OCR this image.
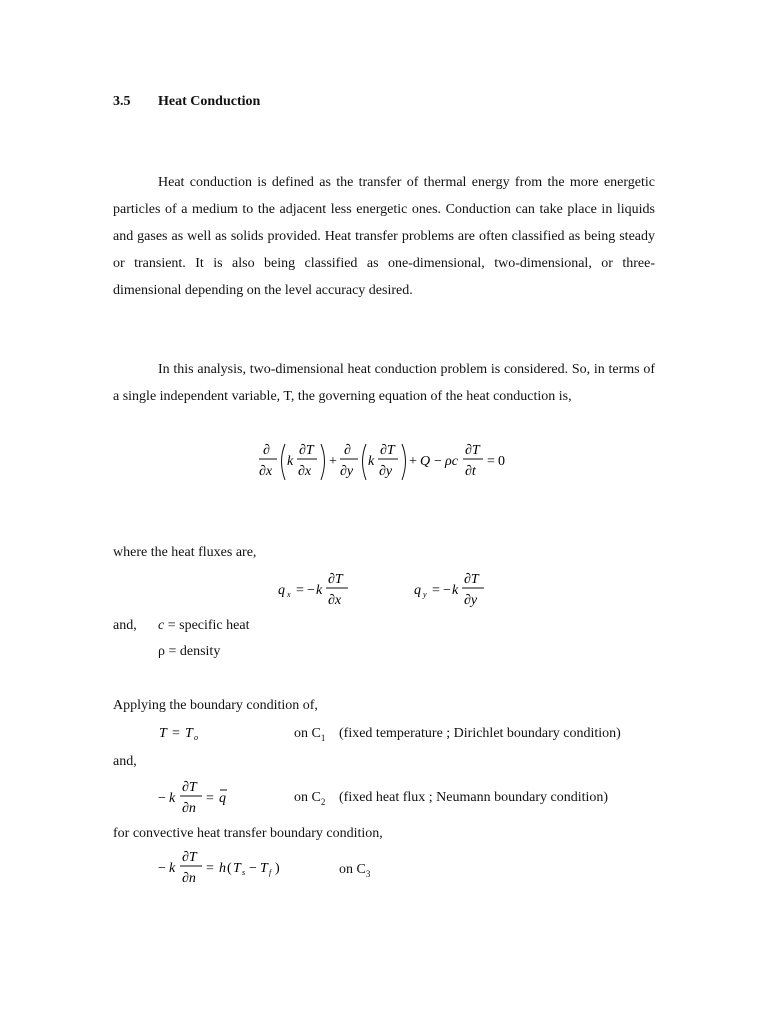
3.5 Heat Conduction

Heat conduction is defined as the transfer of thermal energy from the more energetic particles of a medium to the adjacent less energetic ones. Conduction can take place in liquids and gases as well as solids provided. Heat transfer problems are often classified as being steady or transient. It is also being classified as one-dimensional, two-dimensional, or three-dimensional depending on the level accuracy desired.

In this analysis, two-dimensional heat conduction problem is considered. So, in terms of a single independent variable, T, the governing equation of the heat conduction is,

∂
∂x
k
∂T
∂x
+
∂
∂y
k
∂T
∂y
+ Q − ρc
∂T
∂t
= 0
where the heat fluxes are,
q x = − k
∂T
∂x
q y = − k
∂T
∂y
and, c = specific heat
ρ = density
Applying the boundary condition of,
T = T o	on $C_1$ (fixed temperature ; Dirichlet boundary condition)
and,
− k
∂T
∂n
= q	on $C_2$ (fixed heat flux ; Neumann boundary condition)
for convective heat transfer boundary condition,
− k
∂T
∂n
= h ( T s − T f )	on $C_3$
